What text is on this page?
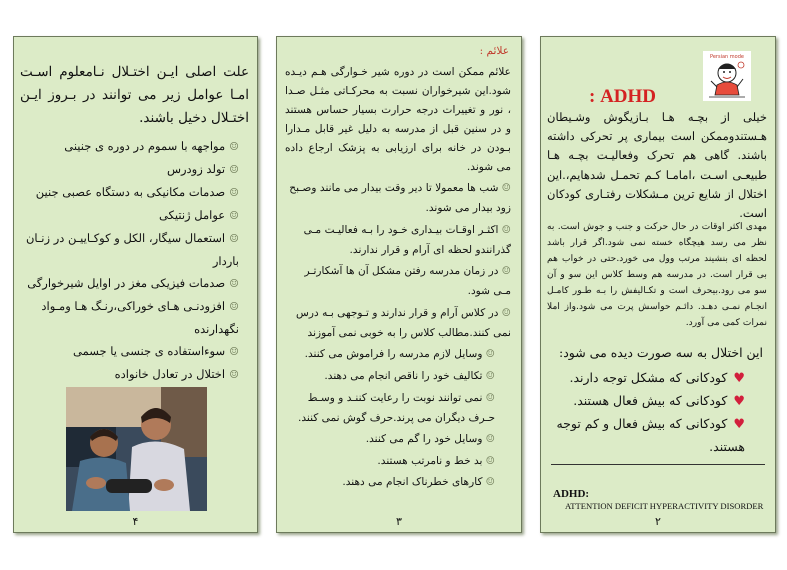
علت اصلی ایـن اختـلال نـامعلوم اسـت امـا عوامل زیر می توانند در بـروز ایـن اختـلال دخیل باشند.

☺مواجهه با سموم در دوره ی جنینی
☺تولد زودرس
☺صدمات مکانیکی به دستگاه عصبی جنین
☺عوامل ژنتیکی
☺استعمال سیگار، الکل و کوکـاییـن در زنـان باردار
☺صدمات فیزیکی مغز در اوایل شیرخوارگی
☺افزودنـی هـای خوراکی،رنـگ هـا ومـواد نگهدارنده
☺سوءاستفاده ی جنسی یا جسمی
☺اختلال در تعادل خانواده
۴
علائم :

علائم ممکن است در دوره شیر خـوارگی هـم دیـده شود.این شیرخواران نسبت به محرکـاتی مثـل صـدا ، نور و تغییرات درجه حرارت بسیار حساس هستند و در سنین قبل از مدرسه به دلیل غیر قابل مـدارا بـودن در خانه برای ارزیابی به پزشک ارجاع داده می شوند.

☺شب ها معمولا تا دیر وقت بیدار می مانند وصـبح زود بیدار می شوند.
☺اکثـر اوقـات بیـداری خـود را بـه فعالیـت مـی گذرانندو لحظه ای آرام و قرار ندارند.
☺در زمان مدرسه رفتن مشکل آن ها آشکارتـر مـی شود.
☺در کلاس آرام و قرار ندارند و تـوجهی بـه درس نمی کنند.مطالب کلاس را به خوبی نمی آموزند
☺وسایل لازم مدرسه را فراموش می کنند.
☺تکالیف خود را ناقص انجام می دهند.
☺نمی توانند نوبت را رعایت کننـد و وسـط حـرف دیگران می پرند.حرف گوش نمی کنند.
☺وسایل خود را گم می کنند.
☺بد خط و نامرتب هستند.
☺کارهای خطرناک انجام می دهند.
۳
Persian mode
ADHD :

خیلی از بچـه هـا بـازیگوش وشـیطان هـستندوممکن است بیماری پر تحرکی داشته باشند. گاهی هم تحرک وفعالیـت بچـه هـا طبیعـی اسـت ،امامـا کـم تحمـل شدهایم،.این اختلال از شایع ترین مـشکلات رفتـاری کودکان است.

مهدی اکثر اوقات در حال حرکت و جنب و جوش است. به نظر می رسد هیچگاه خسته نمی شود.اگر قرار باشد لحظه ای بنشیند مرتب وول می خورد.حتی در خواب هم بی قرار است. در مدرسه هم وسط کلاس این سو و آن سو می رود.بیحرف است و تکـالیفش را بـه طـور کامـل انجـام نمـی دهـد. دائـم حواسش پرت می شود.واز املا نمرات کمی می آورد.

این اختلال به سه صورت دیده می شود:
♥کودکانی که مشکل توجه دارند.
♥کودکانی که بیش فعال هستند.
♥کودکانی که بیش فعال و کم توجه هستند.
ADHD:
ATTENTION DEFICIT HYPERACTIVITY DISORDER
۲
